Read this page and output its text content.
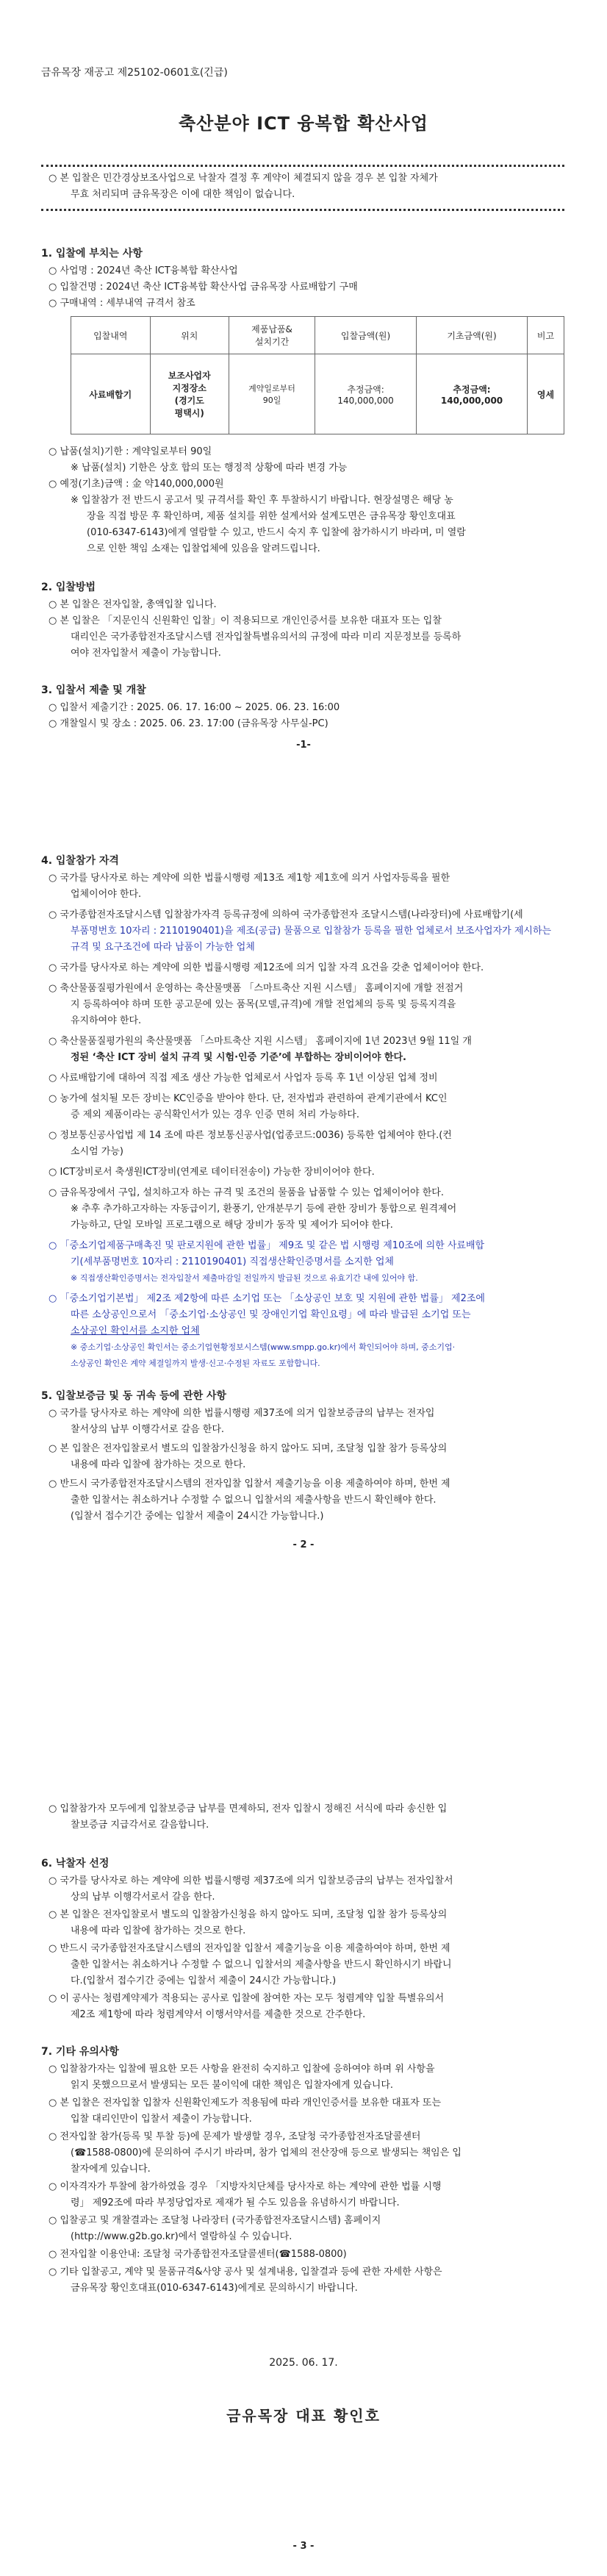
금유목장 재공고 제25102-0601호(긴급)
축산분야 ICT 융복합 확산사업
○ 본 입찰은 민간경상보조사업으로 낙찰자 결정 후 계약이 체결되지 않을 경우 본 입찰 자체가
무효 처리되며 금유목장은 이에 대한 책임이 없습니다.
1. 입찰에 부치는 사항
○ 사업명 : 2024년 축산 ICT융복합 확산사업
○ 입찰건명 : 2024년 축산 ICT융복합 확산사업 금유목장 사료배합기 구매
○ 구매내역 : 세부내역 규격서 참조
입찰내역	위치	제품납품&
설치기간	입찰금액(원)	기초금액(원)	비고
사료배합기	보조사업자
지정장소
(경기도
평택시)	계약일로부터
90일	추정금액:
140,000,000	추정금액:
140,000,000	영세
○ 납품(설치)기한 : 계약일로부터 90일
※ 납품(설치) 기한은 상호 합의 또는 행정적 상황에 따라 변경 가능
○ 예정(기초)금액 : 金 약140,000,000원
※ 입찰참가 전 반드시 공고서 및 규격서를 확인 후 투찰하시기 바랍니다. 현장설명은 해당 농
장을 직접 방문 후 확인하며, 제품 설치를 위한 설계서와 설계도면은 금유목장 황인호대표
(010-6347-6143)에게 열람할 수 있고, 반드시 숙지 후 입찰에 참가하시기 바라며, 미 열람
으로 인한 책임 소재는 입찰업체에 있음을 알려드립니다.
2. 입찰방법
○ 본 입찰은 전자입찰, 총액입찰 입니다.
○ 본 입찰은 「지문인식 신원확인 입찰」이 적용되므로 개인인증서를 보유한 대표자 또는 입찰
대리인은 국가종합전자조달시스템 전자입찰특별유의서의 규정에 따라 미리 지문정보를 등록하
여야 전자입찰서 제출이 가능합니다.
3. 입찰서 제출 및 개찰
○ 입찰서 제출기간 : 2025. 06. 17. 16:00 ~ 2025. 06. 23. 16:00
○ 개찰일시 및 장소 : 2025. 06. 23. 17:00 (금유목장 사무실-PC)
-1-
4. 입찰참가 자격
○ 국가를 당사자로 하는 계약에 의한 법률시행령 제13조 제1항 제1호에 의거 사업자등록을 필한
업체이어야 한다.
○ 국가종합전자조달시스템 입찰참가자격 등록규정에 의하여 국가종합전자 조달시스템(나라장터)에 사료배합기(세
부품명번호 10자리 : 2110190401)을 제조(공급) 물품으로 입찰참가 등록을 필한 업체로서 보조사업자가 제시하는
규격 및 요구조건에 따라 납품이 가능한 업체
○ 국가를 당사자로 하는 계약에 의한 법률시행령 제12조에 의거 입찰 자격 요건을 갖춘 업체이어야 한다.
○ 축산물품질평가원에서 운영하는 축산물맷폼 「스마트축산 지원 시스템」 홈페이지에 개할 전점거
지 등록하여야 하며 또한 공고문에 있는 품목(모델,규격)에 개할 전업체의 등록 및 등록지격을
유지하여야 한다.
○ 축산물품질평가원의 축산물맷폼 「스마트축산 지원 시스템」 홈페이지에 1년 2023년 9월 11일 개
정된 ‘축산 ICT 장비 설치 규격 및 시험·인증 기준’에 부합하는 장비이어야 한다.
○ 사료배합기에 대하여 직접 제조 생산 가능한 업체로서 사업자 등록 후 1년 이상된 업체 정비
○ 농가에 설치될 모든 장비는 KC인증을 받아야 한다. 단, 전자법과 관련하여 관계기관에서 KC인
증 제외 제품이라는 공식확인서가 있는 경우 인증 면허 처리 가능하다.
○ 정보통신공사업법 제 14 조에 따른 정보통신공사업(업종코드:0036) 등록한 업체여야 한다.(컨
소시엄 가능)
○ ICT장비로서 축생원ICT장비(연계로 데이터전송이) 가능한 장비이어야 한다.
○ 금유목장에서 구입, 설치하고자 하는 규격 및 조건의 물품을 납품할 수 있는 업체이어야 한다.
※ 추후 추가하고자하는 자동급이기, 환풍기, 안개분무기 등에 관한 장비가 통합으로 원격제어
가능하고, 단일 모바일 프로그램으로 해당 장비가 동작 및 제어가 되어야 한다.
○ 「중소기업제품구매촉진 및 판로지원에 관한 법률」 제9조 및 같은 법 시행령 제10조에 의한 사료배합
기(세부품명번호 10자리 : 2110190401) 직접생산확인증명서를 소지한 업체
※ 직접생산확인증명서는 전자입찰서 제출마감일 전일까지 발급된 것으로 유효기간 내에 있어야 함.
○ 「중소기업기본법」 제2조 제2항에 따른 소기업 또는 「소상공인 보호 및 지원에 관한 법률」 제2조에
따른 소상공인으로서 「중소기업·소상공인 및 장애인기업 확인요령」에 따라 발급된 소기업 또는
소상공인 확인서를 소지한 업체
※ 중소기업·소상공인 확인서는 중소기업현황정보시스템(www.smpp.go.kr)에서 확인되어야 하며, 중소기업·
소상공인 확인은 계약 체결일까지 발생·신고·수정된 자료도 포함합니다.
5. 입찰보증금 및 동 귀속 등에 관한 사항
○ 국가를 당사자로 하는 계약에 의한 법률시행령 제37조에 의거 입찰보증금의 납부는 전자입
찰서상의 납부 이행각서로 갈음 한다.
○ 본 입찰은 전자입찰로서 별도의 입찰참가신청을 하지 않아도 되며, 조달청 입찰 참가 등록상의
내용에 따라 입찰에 참가하는 것으로 한다.
○ 반드시 국가종합전자조달시스템의 전자입찰 입찰서 제출기능을 이용 제출하여야 하며, 한번 제
출한 입찰서는 취소하거나 수정할 수 없으니 입찰서의 제출사항을 반드시 확인해야 한다.
(입찰서 접수기간 중에는 입찰서 제출이 24시간 가능합니다.)
- 2 -
○ 입찰참가자 모두에게 입찰보증금 납부를 면제하되, 전자 입찰시 정해진 서식에 따라 송신한 입
찰보증금 지급각서로 갈음합니다.
6. 낙찰자 선정
○ 국가를 당사자로 하는 계약에 의한 법률시행령 제37조에 의거 입찰보증금의 납부는 전자입찰서
상의 납부 이행각서로서 갈음 한다.
○ 본 입찰은 전자입찰로서 별도의 입찰참가신청을 하지 않아도 되며, 조달청 입찰 참가 등록상의
내용에 따라 입찰에 참가하는 것으로 한다.
○ 반드시 국가종합전자조달시스템의 전자입찰 입찰서 제출기능을 이용 제출하여야 하며, 한번 제
출한 입찰서는 취소하거나 수정할 수 없으니 입찰서의 제출사항을 반드시 확인하시기 바랍니
다.(입찰서 접수기간 중에는 입찰서 제출이 24시간 가능합니다.)
○ 이 공사는 청렴계약제가 적용되는 공사로 입찰에 참여한 자는 모두 청렴계약 입찰 특별유의서
제2조 제1항에 따라 청렴계약서 이행서약서를 제출한 것으로 간주한다.
7. 기타 유의사항
○ 입찰참가자는 입찰에 필요한 모든 사항을 완전히 숙지하고 입찰에 응하여야 하며 위 사항을
읽지 못했으므로서 발생되는 모든 불이익에 대한 책임은 입찰자에게 있습니다.
○ 본 입찰은 전자입찰 입찰자 신원확인제도가 적용됨에 따라 개인인증서를 보유한 대표자 또는
입찰 대리인만이 입찰서 제출이 가능합니다.
○ 전자입찰 참가(등록 및 투찰 등)에 문제가 발생할 경우, 조달청 국가종합전자조달콜센터
(☎1588-0800)에 문의하여 주시기 바라며, 참가 업체의 전산장애 등으로 발생되는 책임은 입
찰자에게 있습니다.
○ 이자격자가 투찰에 참가하였을 경우 「지방자치단체를 당사자로 하는 계약에 관한 법률 시행
령」 제92조에 따라 부정당업자로 제재가 될 수도 있음을 유념하시기 바랍니다.
○ 입찰공고 및 개찰결과는 조달청 나라장터 (국가종합전자조달시스템) 홈페이지
(http://www.g2b.go.kr)에서 열람하실 수 있습니다.
○ 전자입찰 이용안내: 조달청 국가종합전자조달콜센터(☎1588-0800)
○ 기타 입찰공고, 계약 및 물품규격&사양 공사 및 설계내용, 입찰결과 등에 관한 자세한 사항은
금유목장 황인호대표(010-6347-6143)에게로 문의하시기 바랍니다.
2025. 06. 17.
금유목장 대표 황인호
- 3 -
